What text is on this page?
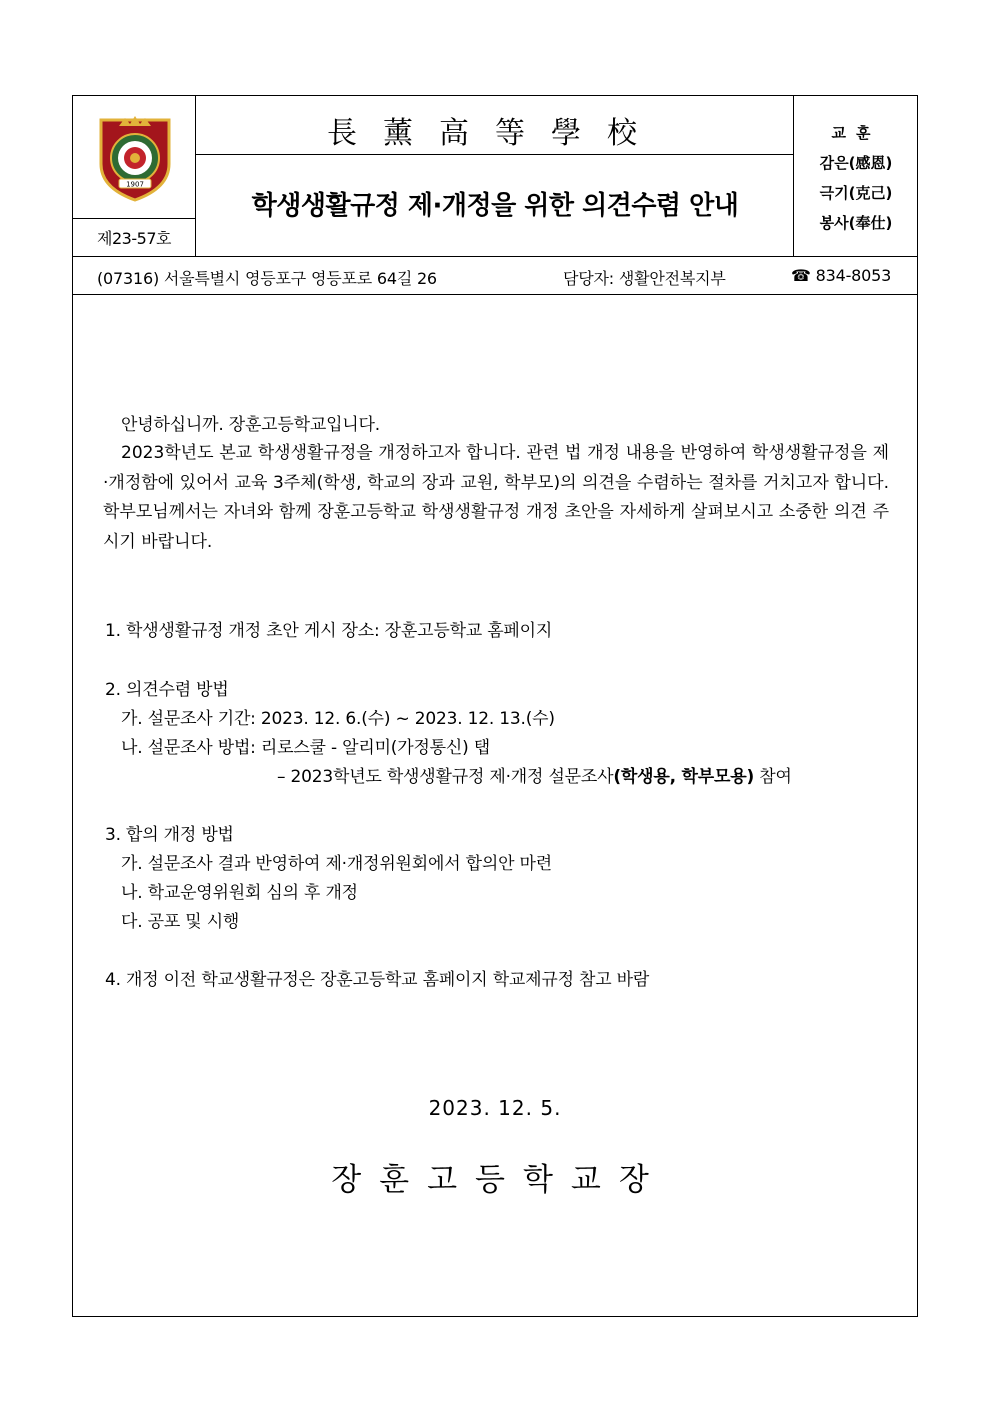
1907
제23-57호
長薰高等學校
학생생활규정 제·개정을 위한 의견수렴 안내
교훈
감은(感恩)
극기(克己)
봉사(奉仕)
(07316) 서울특별시 영등포구 영등포로 64길 26	담당자: 생활안전복지부	☎ 834-8053
안녕하십니까. 장훈고등학교입니다.
2023학년도 본교 학생생활규정을 개정하고자 합니다. 관련 법 개정 내용을 반영하여 학생생활규정을 제·개정함에 있어서 교육 3주체(학생, 학교의 장과 교원, 학부모)의 의견을 수렴하는 절차를 거치고자 합니다. 학부모님께서는 자녀와 함께 장훈고등학교 학생생활규정 개정 초안을 자세하게 살펴보시고 소중한 의견 주시기 바랍니다.
1. 학생생활규정 개정 초안 게시 장소: 장훈고등학교 홈페이지
2. 의견수렴 방법
가. 설문조사 기간: 2023. 12. 6.(수) ~ 2023. 12. 13.(수)
나. 설문조사 방법: 리로스쿨 - 알리미(가정통신) 탭
– 2023학년도 학생생활규정 제·개정 설문조사(학생용, 학부모용) 참여
3. 합의 개정 방법
가. 설문조사 결과 반영하여 제·개정위원회에서 합의안 마련
나. 학교운영위원회 심의 후 개정
다. 공포 및 시행
4. 개정 이전 학교생활규정은 장훈고등학교 홈페이지 학교제규정 참고 바람
2023. 12. 5.
장훈고등학교장
